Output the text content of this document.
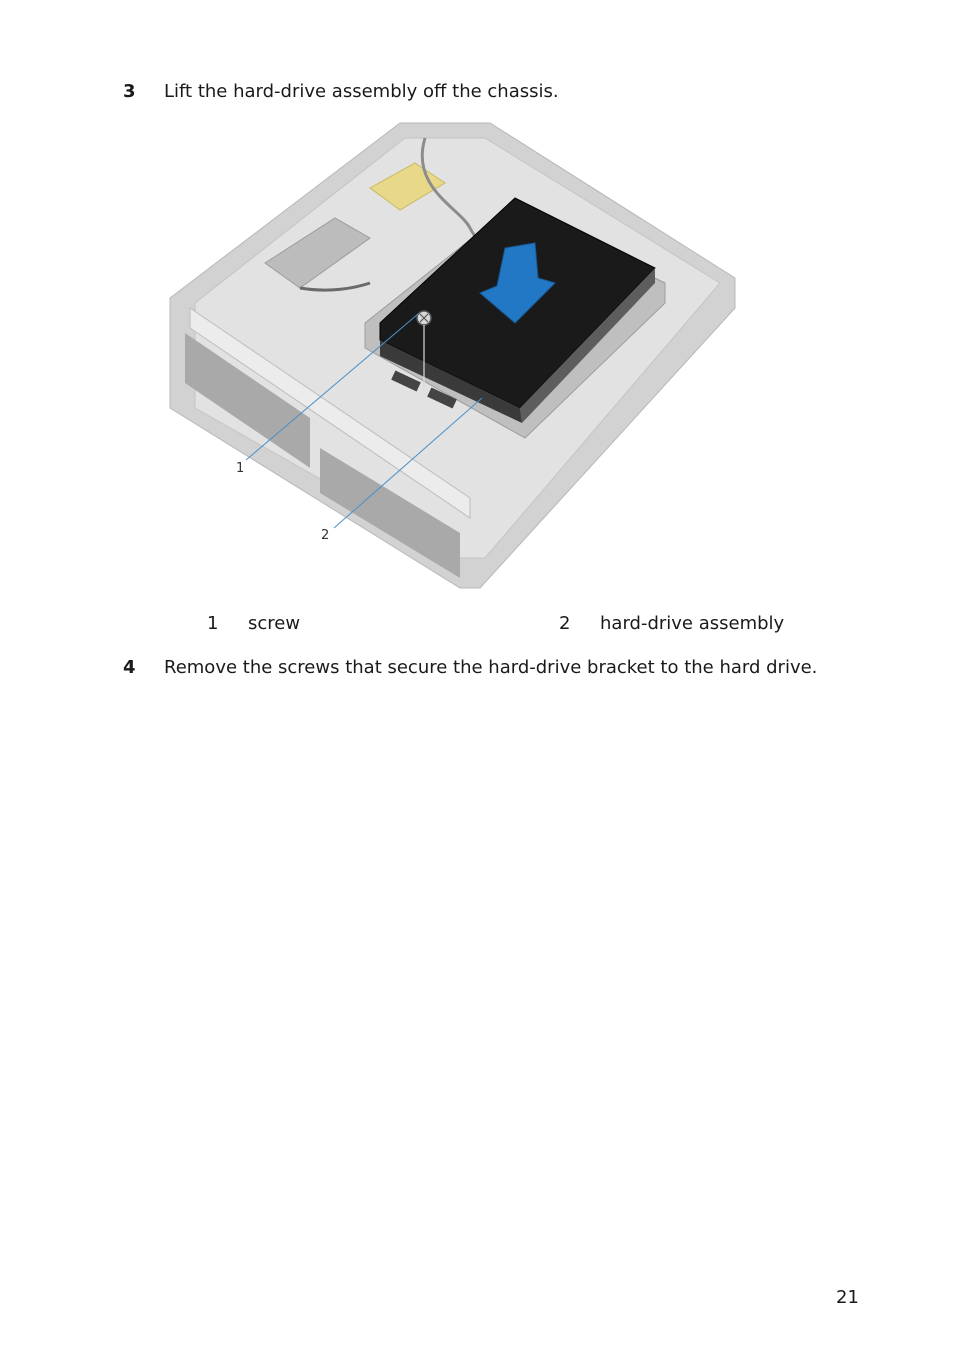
3 Lift the hard-drive assembly off the chassis.
1
2
1 screw	2 hard-drive assembly
4 Remove the screws that secure the hard-drive bracket to the hard drive.
21
